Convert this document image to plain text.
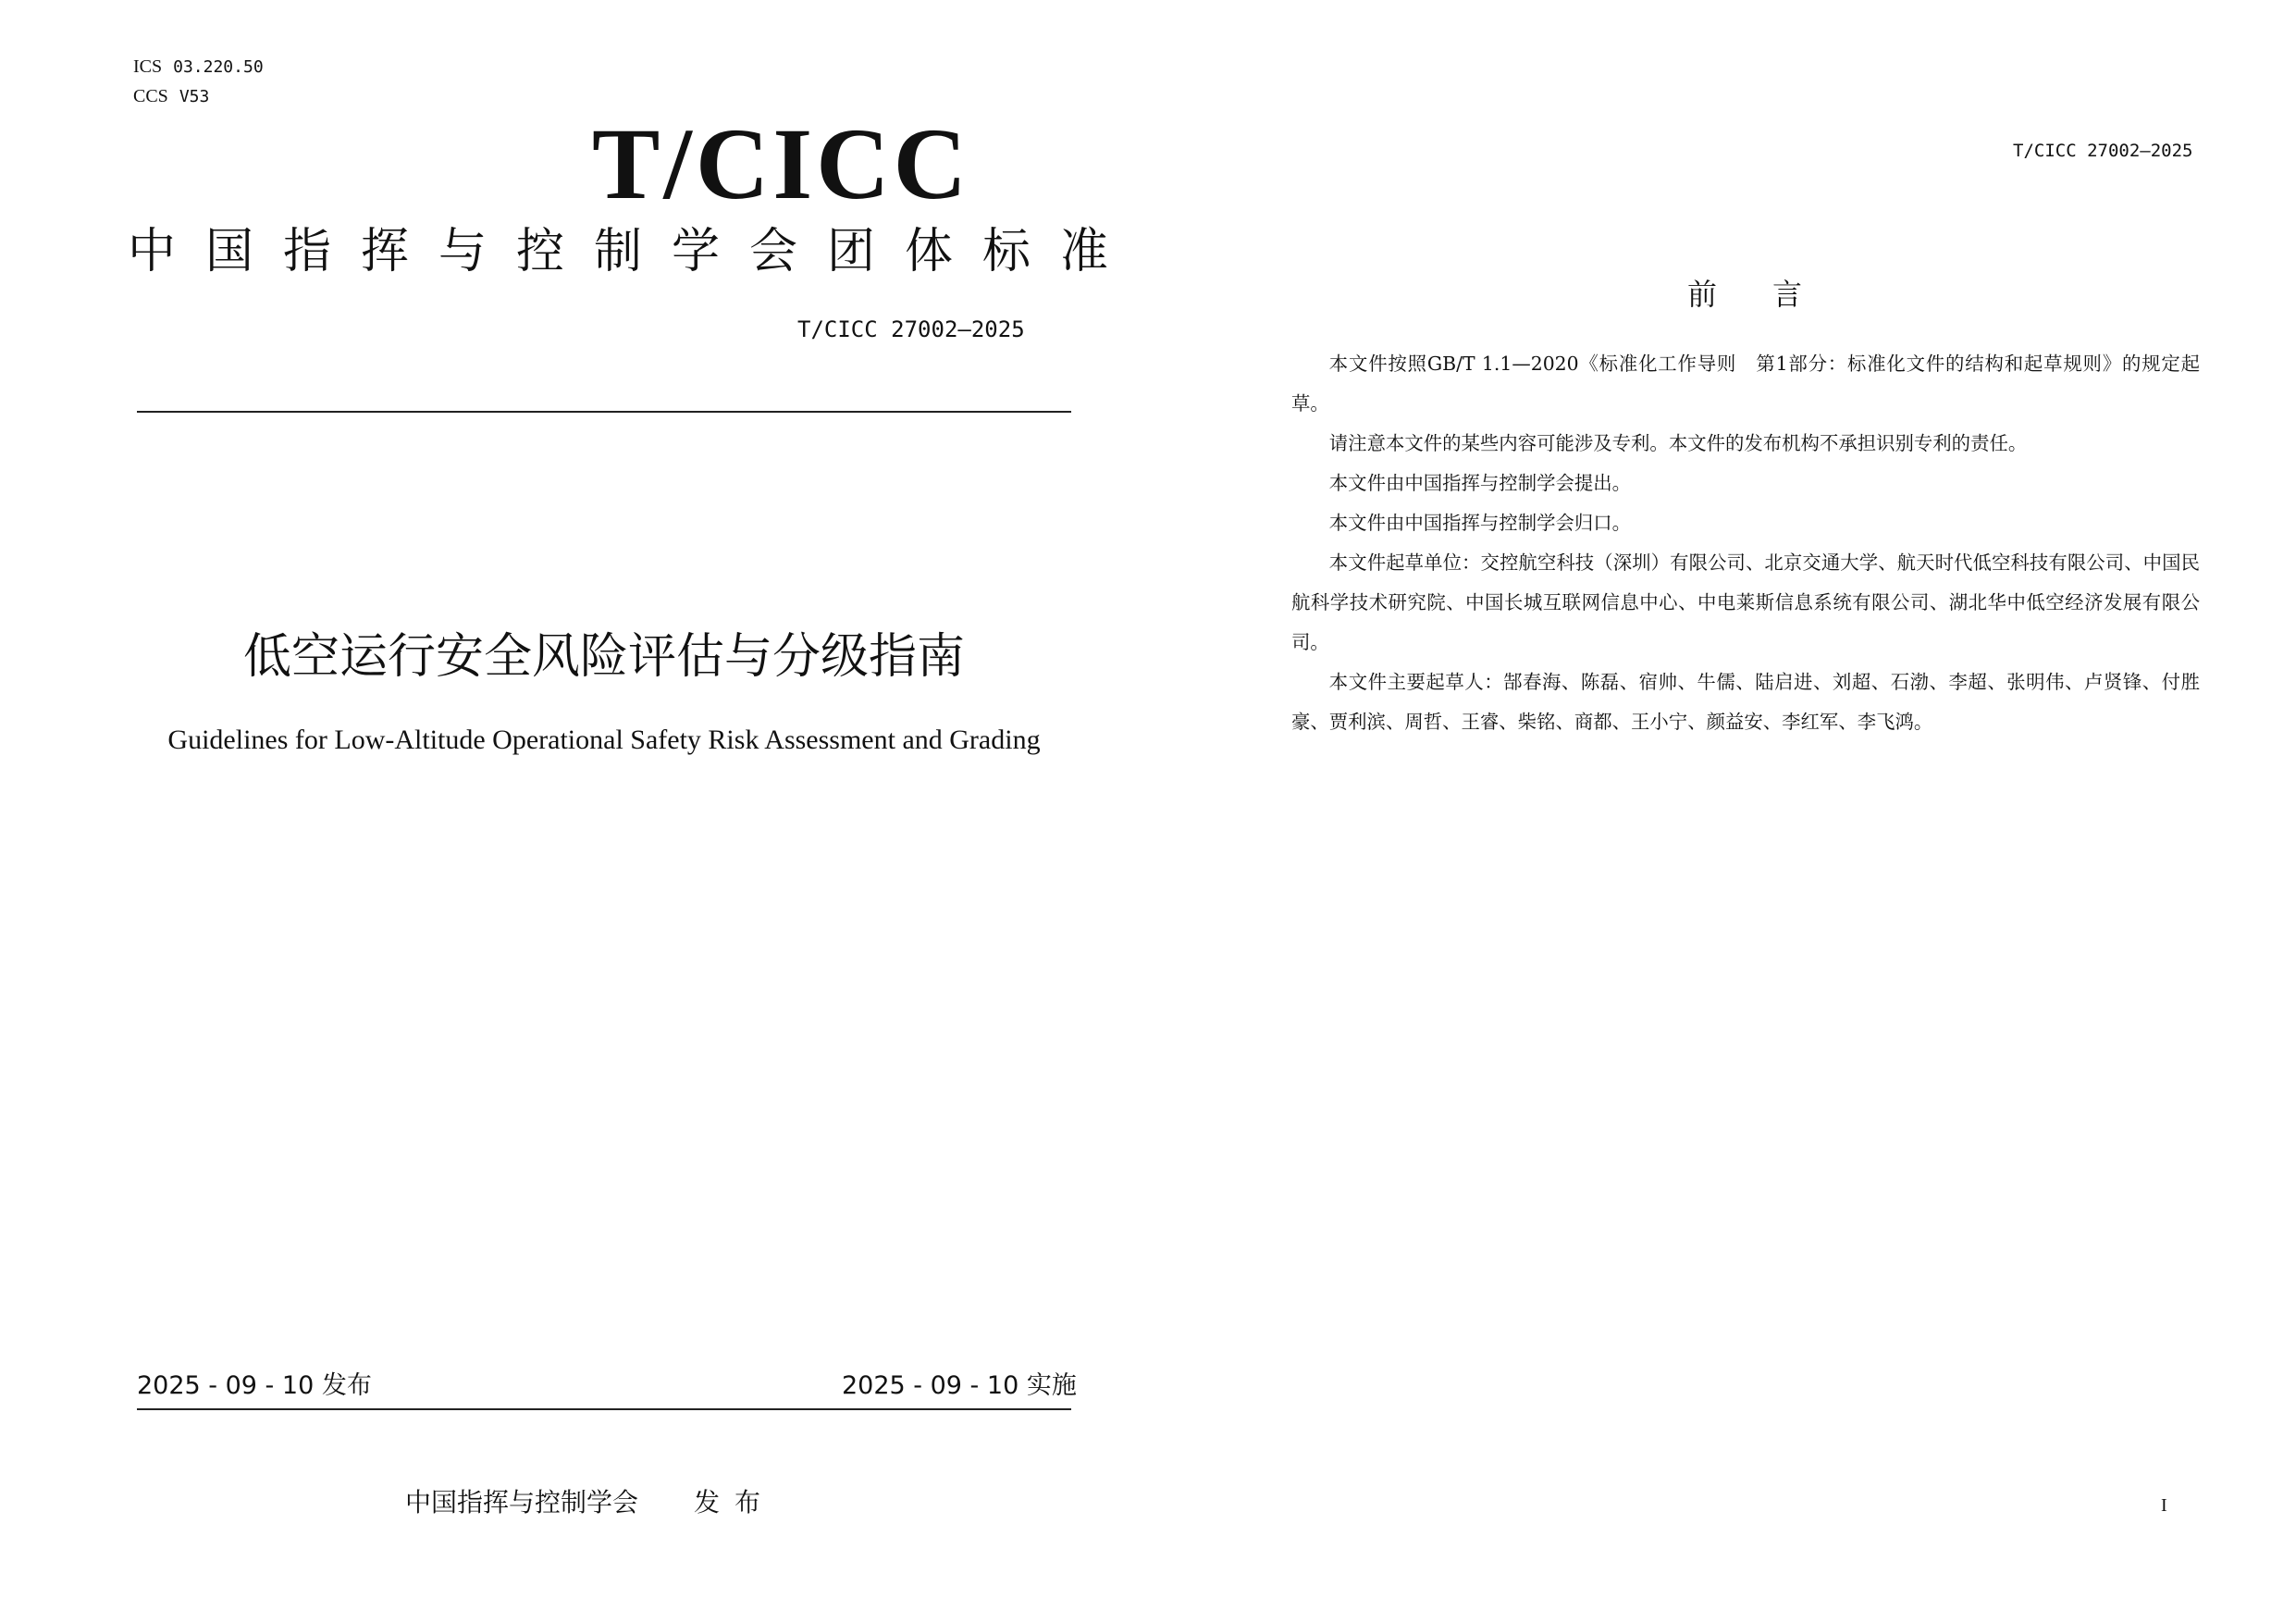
ICS 03.220.50
CCS V53
T/CICC
中国指挥与控制学会团体标准
T/CICC 27002—2025
低空运行安全风险评估与分级指南
Guidelines for Low-Altitude Operational Safety Risk Assessment and Grading
2025 - 09 - 10 发布	2025 - 09 - 10 实施
中国指挥与控制学会 发布
T/CICC 27002—2025
前言

本文件按照GB/T 1.1—2020《标准化工作导则　第1部分：标准化文件的结构和起草规则》的规定起草。

请注意本文件的某些内容可能涉及专利。本文件的发布机构不承担识别专利的责任。

本文件由中国指挥与控制学会提出。

本文件由中国指挥与控制学会归口。

本文件起草单位：交控航空科技（深圳）有限公司、北京交通大学、航天时代低空科技有限公司、中国民航科学技术研究院、中国长城互联网信息中心、中电莱斯信息系统有限公司、湖北华中低空经济发展有限公司。

本文件主要起草人：郜春海、陈磊、宿帅、牛儒、陆启进、刘超、石渤、李超、张明伟、卢贤锋、付胜豪、贾利滨、周哲、王睿、柴铭、商都、王小宁、颜益安、李红军、李飞鸿。

I
